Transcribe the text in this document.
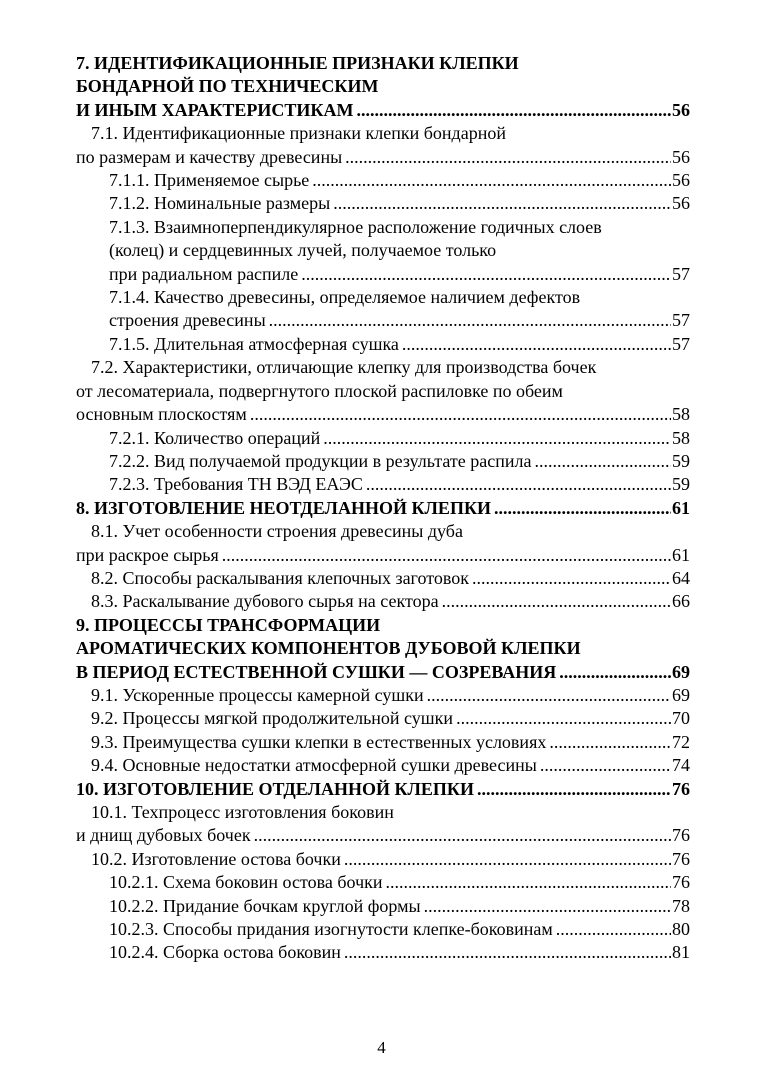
7. ИДЕНТИФИКАЦИОННЫЕ ПРИЗНАКИ КЛЕПКИ
БОНДАРНОЙ ПО ТЕХНИЧЕСКИМ
И ИНЫМ ХАРАКТЕРИСТИКАМ .....	56
7.1. Идентификационные признаки клепки бондарной
по размерам и качеству древесины .....	56
7.1.1. Применяемое сырье .....	56
7.1.2. Номинальные размеры .....	56
7.1.3. Взаимноперпендикулярное расположение годичных слоев
(колец) и сердцевинных лучей, получаемое только
при радиальном распиле .....	57
7.1.4. Качество древесины, определяемое наличием дефектов
строения древесины .....	57
7.1.5. Длительная атмосферная сушка .....	57
7.2. Характеристики, отличающие клепку для производства бочек
от лесоматериала, подвергнутого плоской распиловке по обеим
основным плоскостям .....	58
7.2.1. Количество операций .....	58
7.2.2. Вид получаемой продукции в результате распила .....	59
7.2.3. Требования ТН ВЭД ЕАЭС .....	59
8. ИЗГОТОВЛЕНИЕ НЕОТДЕЛАННОЙ КЛЕПКИ .....	61
8.1. Учет особенности строения древесины дуба
при раскрое сырья .....	61
8.2. Способы раскалывания клепочных заготовок .....	64
8.3. Раскалывание дубового сырья на сектора .....	66
9. ПРОЦЕССЫ ТРАНСФОРМАЦИИ
АРОМАТИЧЕСКИХ КОМПОНЕНТОВ ДУБОВОЙ КЛЕПКИ
В ПЕРИОД ЕСТЕСТВЕННОЙ СУШКИ — СОЗРЕВАНИЯ .....	69
9.1. Ускоренные процессы камерной сушки .....	69
9.2. Процессы мягкой продолжительной сушки .....	70
9.3. Преимущества сушки клепки в естественных условиях .....	72
9.4. Основные недостатки атмосферной сушки древесины .....	74
10. ИЗГОТОВЛЕНИЕ ОТДЕЛАННОЙ КЛЕПКИ .....	76
10.1. Техпроцесс изготовления боковин
и днищ дубовых бочек .....	76
10.2. Изготовление остова бочки .....	76
10.2.1. Схема боковин остова бочки .....	76
10.2.2. Придание бочкам круглой формы .....	78
10.2.3. Способы придания изогнутости клепке-боковинам .....	80
10.2.4. Сборка остова боковин .....	81
4
